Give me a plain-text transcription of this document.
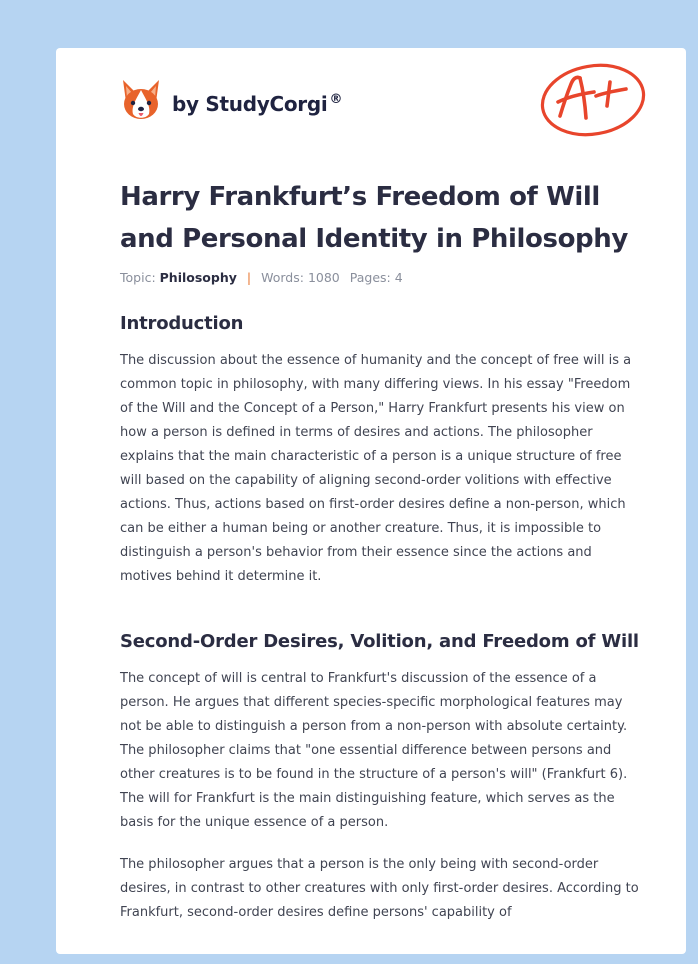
by StudyCorgi ®
Harry Frankfurt’s Freedom of Will and Personal Identity in Philosophy
Topic: Philosophy | Words: 1080 Pages: 4
Introduction

The discussion about the essence of humanity and the concept of free will is a common topic in philosophy, with many differing views. In his essay "Freedom of the Will and the Concept of a Person," Harry Frankfurt presents his view on how a person is defined in terms of desires and actions. The philosopher explains that the main characteristic of a person is a unique structure of free will based on the capability of aligning second-order volitions with effective actions. Thus, actions based on first-order desires define a non-person, which can be either a human being or another creature. Thus, it is impossible to distinguish a person's behavior from their essence since the actions and motives behind it determine it.

Second-Order Desires, Volition, and Freedom of Will

The concept of will is central to Frankfurt's discussion of the essence of a person. He argues that different species-specific morphological features may not be able to distinguish a person from a non-person with absolute certainty. The philosopher claims that "one essential difference between persons and other creatures is to be found in the structure of a person's will" (Frankfurt 6). The will for Frankfurt is the main distinguishing feature, which serves as the basis for the unique essence of a person.

The philosopher argues that a person is the only being with second-order desires, in contrast to other creatures with only first-order desires. According to Frankfurt, second-order desires define persons' capability of
